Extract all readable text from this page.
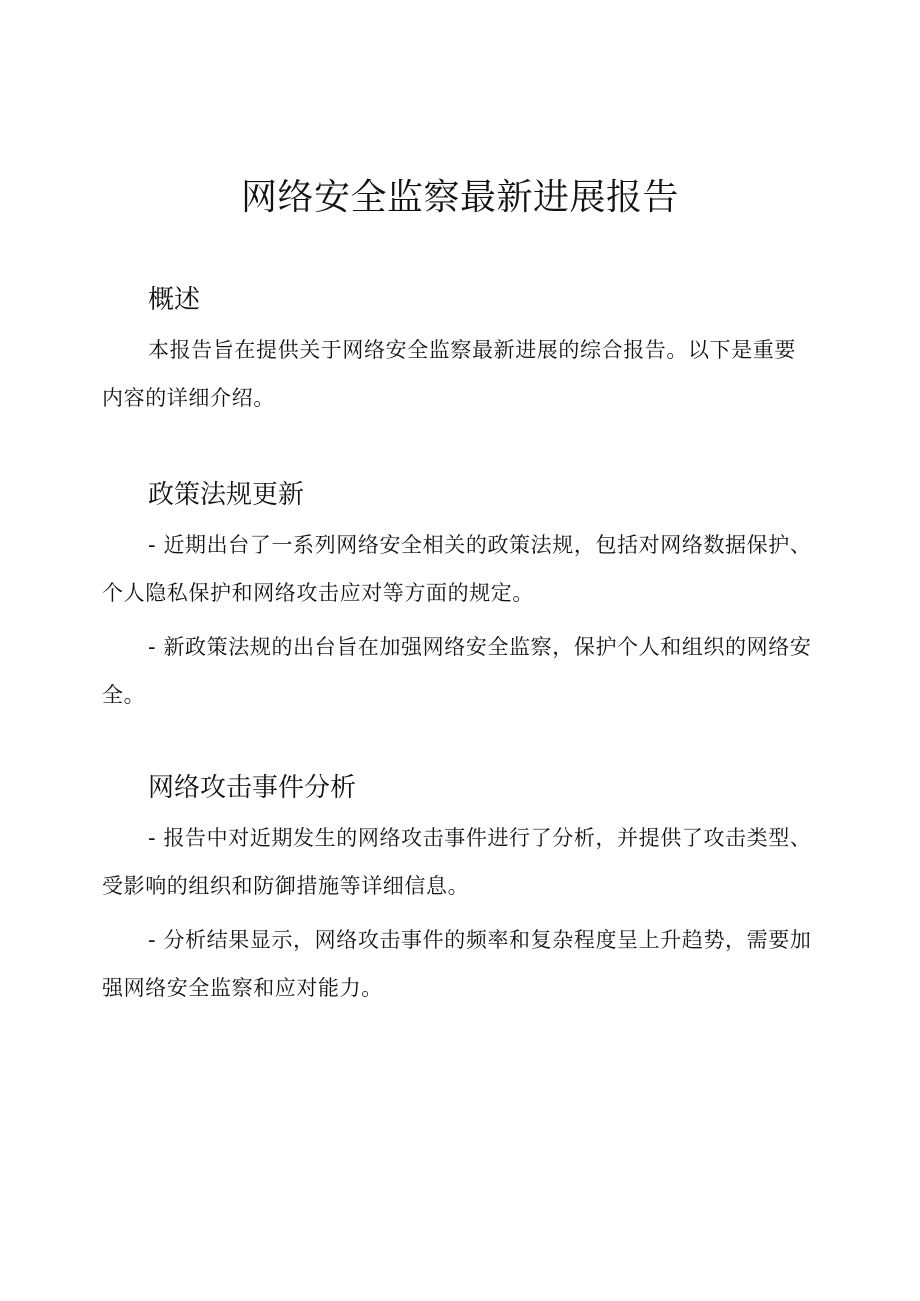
网络安全监察最新进展报告
概述

本报告旨在提供关于网络安全监察最新进展的综合报告。以下是重要内容的详细介绍。

政策法规更新

- 近期出台了一系列网络安全相关的政策法规，包括对网络数据保护、个人隐私保护和网络攻击应对等方面的规定。

- 新政策法规的出台旨在加强网络安全监察，保护个人和组织的网络安全。

网络攻击事件分析

- 报告中对近期发生的网络攻击事件进行了分析，并提供了攻击类型、受影响的组织和防御措施等详细信息。

- 分析结果显示，网络攻击事件的频率和复杂程度呈上升趋势，需要加强网络安全监察和应对能力。
